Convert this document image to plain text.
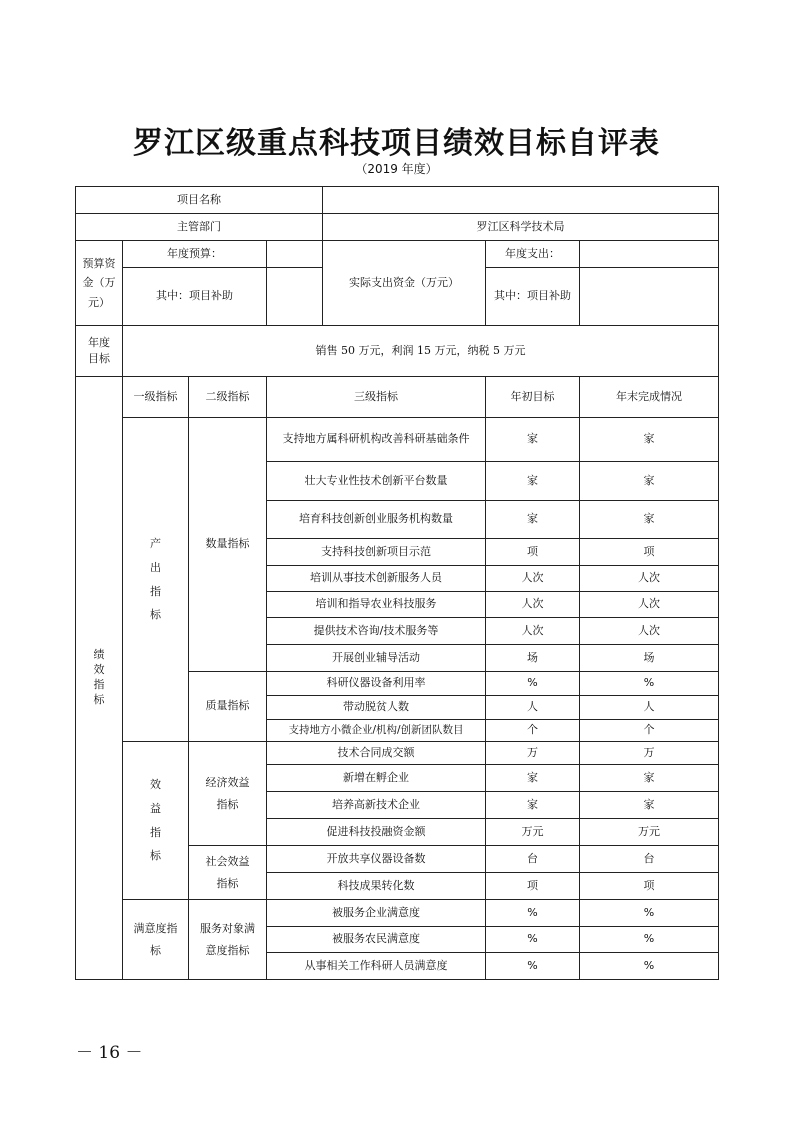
罗江区级重点科技项目绩效目标自评表
（2019 年度）
项目名称						
主管部门				罗江区科学技术局		
预算资金（万元）	年度预算：			实际支出资金（万元）	年度支出：	
	其中：项目补助				其中：项目补助	
年度目标	销售 50 万元，利润 15 万元，纳税 5 万元					
绩效指标	一级指标	二级指标	三级指标		年初目标	年末完成情况
	产出指标	数量指标	支持地方属科研机构改善科研基础条件		家	家
			壮大专业性技术创新平台数量		家	家
			培育科技创新创业服务机构数量		家	家
			支持科技创新项目示范		项	项
			培训从事技术创新服务人员		人次	人次
			培训和指导农业科技服务		人次	人次
			提供技术咨询/技术服务等		人次	人次
			开展创业辅导活动		场	场
		质量指标	科研仪器设备利用率		%	%
			带动脱贫人数		人	人
			支持地方小微企业/机构/创新团队数目		个	个
	效益指标	经济效益指标	技术合同成交额		万	万
			新增在孵企业		家	家
			培养高新技术企业		家	家
			促进科技投融资金额		万元	万元
		社会效益指标	开放共享仪器设备数		台	台
			科技成果转化数		项	项
	满意度指标	服务对象满意度指标	被服务企业满意度		%	%
			被服务农民满意度		%	%
			从事相关工作科研人员满意度		%	%
－ 16 －
